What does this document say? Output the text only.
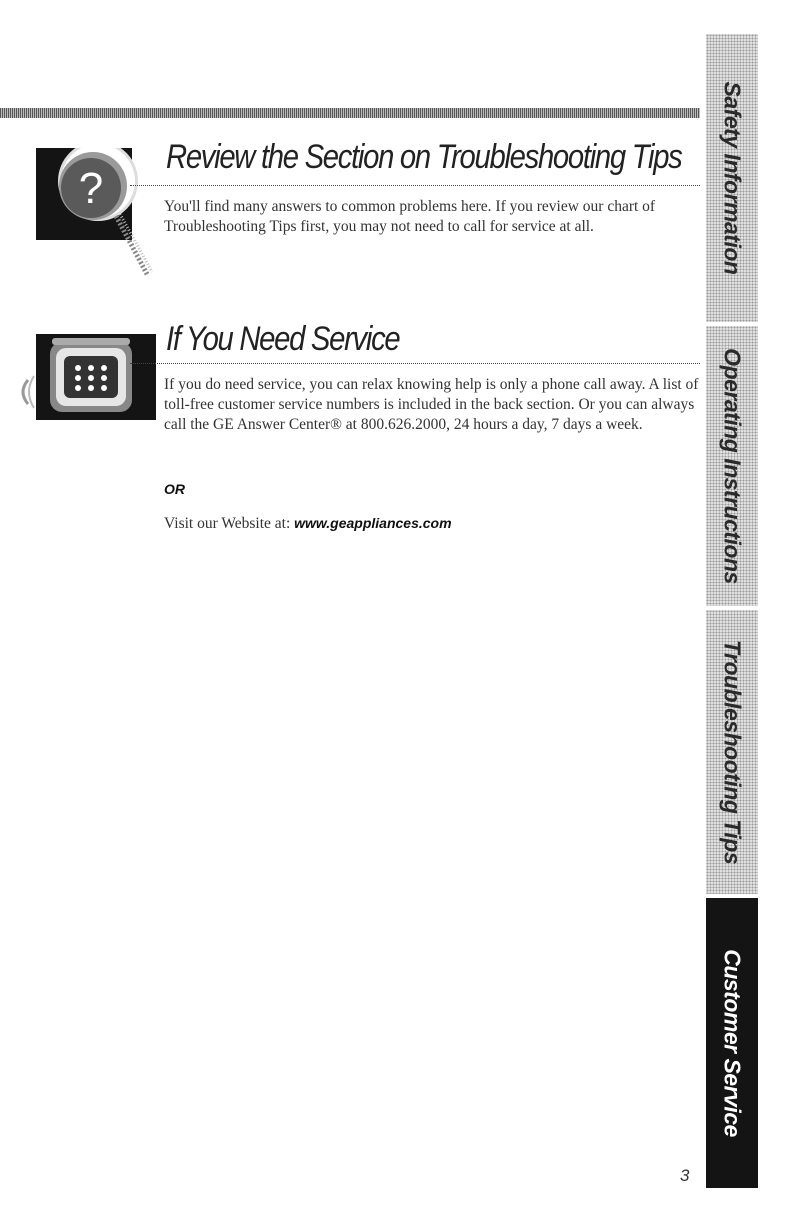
?
Review the Section on Troubleshooting Tips

You'll find many answers to common problems here. If you review our chart of Troubleshooting Tips first, you may not need to call for service at all.

If You Need Service

If you do need service, you can relax knowing help is only a phone call away. A list of toll-free customer service numbers is included in the back section. Or you can always call the GE Answer Center® at 800.626.2000, 24 hours a day, 7 days a week.

OR
Visit our Website at: www.geappliances.com
Safety Information
Operating Instructions
Troubleshooting Tips
Customer Service
3
